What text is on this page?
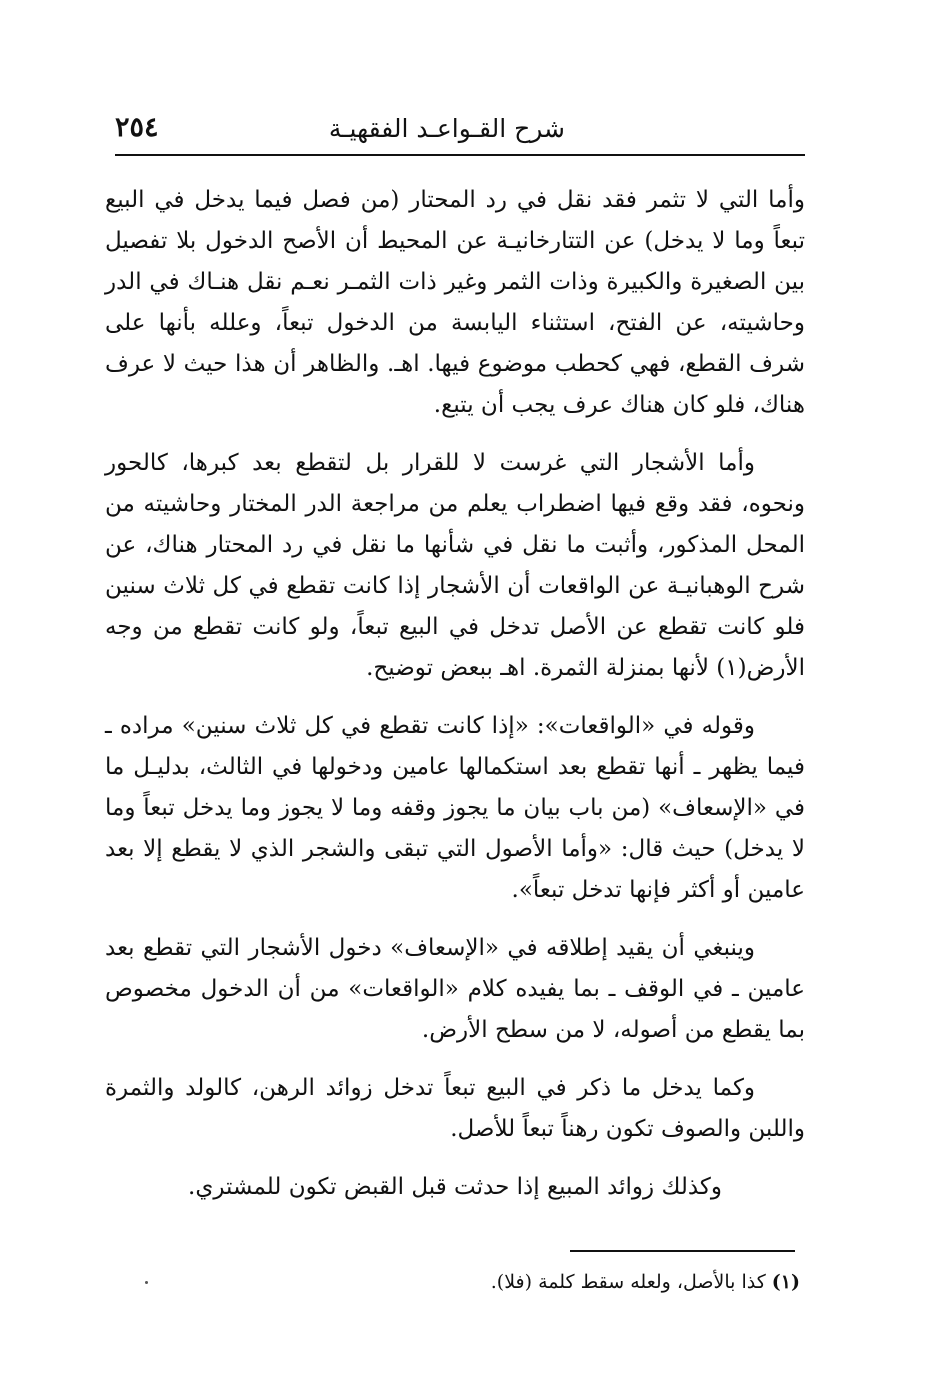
شرح القـواعـد الفقهيـة
٢٥٤

وأما التي لا تثمر فقد نقل في رد المحتار (من فصل فيما يدخل في البيع تبعاً وما لا يدخل) عن التتارخانيـة عن المحيط أن الأصح الدخول بلا تفصيل بين الصغيرة والكبيرة وذات الثمر وغير ذات الثمـر نعـم نقل هنـاك في الدر وحاشيته، عن الفتح، استثناء اليابسة من الدخول تبعاً، وعلله بأنها على شرف القطع، فهي كحطب موضوع فيها. اهـ. والظاهر أن هذا حيث لا عرف هناك، فلو كان هناك عرف يجب أن يتبع.

وأما الأشجار التي غرست لا للقرار بل لتقطع بعد كبرها، كالحور ونحوه، فقد وقع فيها اضطراب يعلم من مراجعة الدر المختار وحاشيته من المحل المذكور، وأثبت ما نقل في شأنها ما نقل في رد المحتار هناك، عن شرح الوهبانيـة عن الواقعات أن الأشجار إذا كانت تقطع في كل ثلاث سنين فلو كانت تقطع عن الأصل تدخل في البيع تبعاً، ولو كانت تقطع من وجه الأرض(١) لأنها بمنزلة الثمرة. اهـ ببعض توضيح.

وقوله في «الواقعات»: «إذا كانت تقطع في كل ثلاث سنين» مراده ـ فيما يظهر ـ أنها تقطع بعد استكمالها عامين ودخولها في الثالث، بدليـل ما في «الإسعاف» (من باب بيان ما يجوز وقفه وما لا يجوز وما يدخل تبعاً وما لا يدخل) حيث قال: «وأما الأصول التي تبقى والشجر الذي لا يقطع إلا بعد عامين أو أكثر فإنها تدخل تبعاً».

وينبغي أن يقيد إطلاقه في «الإسعاف» دخول الأشجار التي تقطع بعد عامين ـ في الوقف ـ بما يفيده كلام «الواقعات» من أن الدخول مخصوص بما يقطع من أصوله، لا من سطح الأرض.

وكما يدخل ما ذكر في البيع تبعاً تدخل زوائد الرهن، كالولد والثمرة واللبن والصوف تكون رهناً تبعاً للأصل.

وكذلك زوائد المبيع إذا حدثت قبل القبض تكون للمشتري.

(١)كذا بالأصل، ولعله سقط كلمة (فلا).
